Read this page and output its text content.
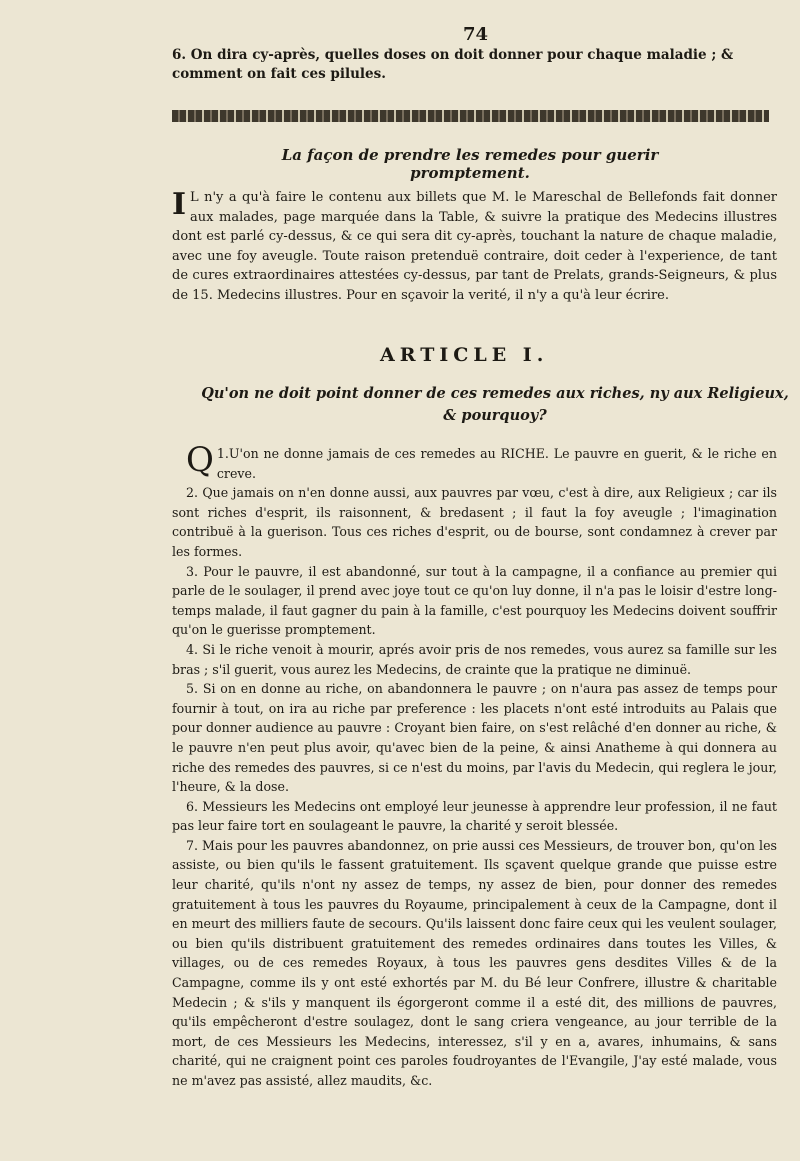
74
6. On dira cy-après, quelles doses on doit donner pour chaque maladie ; & comment on fait ces pilules.
La façon de prendre les remedes pour guerir promptement.
I L n'y a qu'à faire le contenu aux billets que M. le Mareschal de Bellefonds fait donner aux malades, page marquée dans la Table, & suivre la pratique des Medecins illustres dont est parlé cy-dessus, & ce qui sera dit cy-après, touchant la nature de chaque maladie, avec une foy aveugle. Toute raison pretenduë contraire, doit ceder à l'experience, de tant de cures extraordinaires attestées cy-dessus, par tant de Prelats, grands-Seigneurs, & plus de 15. Medecins illustres. Pour en sçavoir la verité, il n'y a qu'à leur écrire.
ARTICLE I.
Qu'on ne doit point donner de ces remedes aux riches, ny aux Religieux, & pourquoy?

1.
Q U'on ne donne jamais de ces remedes au RICHE. Le pauvre en guerit, & le riche en creve.

2. Que jamais on n'en donne aussi, aux pauvres par vœu, c'est à dire, aux Religieux ; car ils sont riches d'esprit, ils raisonnent, & bredasent ; il faut la foy aveugle ; l'imagination contribuë à la guerison. Tous ces riches d'esprit, ou de bourse, sont condamnez à crever par les formes.

3. Pour le pauvre, il est abandonné, sur tout à la campagne, il a confiance au premier qui parle de le soulager, il prend avec joye tout ce qu'on luy donne, il n'a pas le loisir d'estre long-temps malade, il faut gagner du pain à la famille, c'est pourquoy les Medecins doivent souffrir qu'on le guerisse promptement.

4. Si le riche venoit à mourir, aprés avoir pris de nos remedes, vous aurez sa famille sur les bras ; s'il guerit, vous aurez les Medecins, de crainte que la pratique ne diminuë.

5. Si on en donne au riche, on abandonnera le pauvre ; on n'aura pas assez de temps pour fournir à tout, on ira au riche par preference : les placets n'ont esté introduits au Palais que pour donner audience au pauvre : Croyant bien faire, on s'est relâché d'en donner au riche, & le pauvre n'en peut plus avoir, qu'avec bien de la peine, & ainsi Anatheme à qui donnera au riche des remedes des pauvres, si ce n'est du moins, par l'avis du Medecin, qui reglera le jour, l'heure, & la dose.

6. Messieurs les Medecins ont employé leur jeunesse à apprendre leur profession, il ne faut pas leur faire tort en soulageant le pauvre, la charité y seroit blessée.

7. Mais pour les pauvres abandonnez, on prie aussi ces Messieurs, de trouver bon, qu'on les assiste, ou bien qu'ils le fassent gratuitement. Ils sçavent quelque grande que puisse estre leur charité, qu'ils n'ont ny assez de temps, ny assez de bien, pour donner des remedes gratuitement à tous les pauvres du Royaume, principalement à ceux de la Campagne, dont il en meurt des milliers faute de secours. Qu'ils laissent donc faire ceux qui les veulent soulager, ou bien qu'ils distribuent gratuitement des remedes ordinaires dans toutes les Villes, & villages, ou de ces remedes Royaux, à tous les pauvres gens desdites Villes & de la Campagne, comme ils y ont esté exhortés par M. du Bé leur Confrere, illustre & charitable Medecin ; & s'ils y manquent ils égorgeront comme il a esté dit, des millions de pauvres, qu'ils empêcheront d'estre soulagez, dont le sang criera vengeance, au jour terrible de la mort, de ces Messieurs les Medecins, interessez, s'il y en a, avares, inhumains, & sans charité, qui ne craignent point ces paroles foudroyantes de l'Evangile, J'ay esté malade, vous ne m'avez pas assisté, allez maudits, &c.
